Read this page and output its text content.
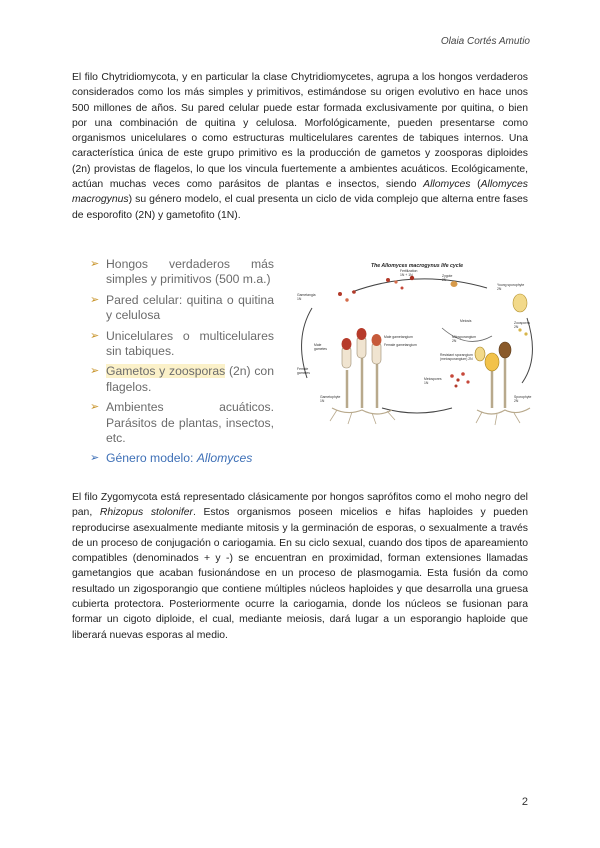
Olaia Cortés Amutio

El filo Chytridiomycota, y en particular la clase Chytridiomycetes, agrupa a los hongos verdaderos considerados como los más simples y primitivos, estimándose su origen evolutivo en hace unos 500 millones de años. Su pared celular puede estar formada exclusivamente por quitina, o bien por una combinación de quitina y celulosa. Morfológicamente, pueden presentarse como organismos unicelulares o como estructuras multicelulares carentes de tabiques internos. Una característica única de este grupo primitivo es la producción de gametos y zoosporas diploides (2n) provistas de flagelos, lo que los vincula fuertemente a ambientes acuáticos. Ecológicamente, actúan muchas veces como parásitos de plantas e insectos, siendo Allomyces (Allomyces macrogynus) su género modelo, el cual presenta un ciclo de vida complejo que alterna entre fases de esporofito (2N) y gametofito (1N).

➢ Hongos verdaderos más simples y primitivos (500 m.a.)
➢ Pared celular: quitina o quitina y celulosa
➢ Unicelulares o multicelulares sin tabiques.
➢ Gametos y zoosporas (2n) con flagelos.
➢ Ambientes acuáticos. Parásitos de plantas, insectos, etc.
➢ Género modelo: Allomyces
The Allomyces macrogynus life cycle
Gametangia 1N
Fertilization 1N + 1N	Zygote 2N
Young sporophyte 2N
Male gametangium
Female gametangium
Male gametes
Female gametes
Resistant sporangium (meiosporangium) 2N
Mitosporangium 2N
Meiosis
Meiospores 1N
Gametophyte 1N
Sporophyte 2N
Zoospores 2N

El filo Zygomycota está representado clásicamente por hongos saprófitos como el moho negro del pan, Rhizopus stolonifer. Estos organismos poseen micelios e hifas haploides y pueden reproducirse asexualmente mediante mitosis y la germinación de esporas, o sexualmente a través de un proceso de conjugación o cariogamia. En su ciclo sexual, cuando dos tipos de apareamiento compatibles (denominados + y -) se encuentran en proximidad, forman extensiones llamadas gametangios que acaban fusionándose en un proceso de plasmogamia. Esta fusión da como resultado un zigosporangio que contiene múltiples núcleos haploides y que desarrolla una gruesa cubierta protectora. Posteriormente ocurre la cariogamia, donde los núcleos se fusionan para formar un cigoto diploide, el cual, mediante meiosis, dará lugar a un esporangio haploide que liberará nuevas esporas al medio.

2
